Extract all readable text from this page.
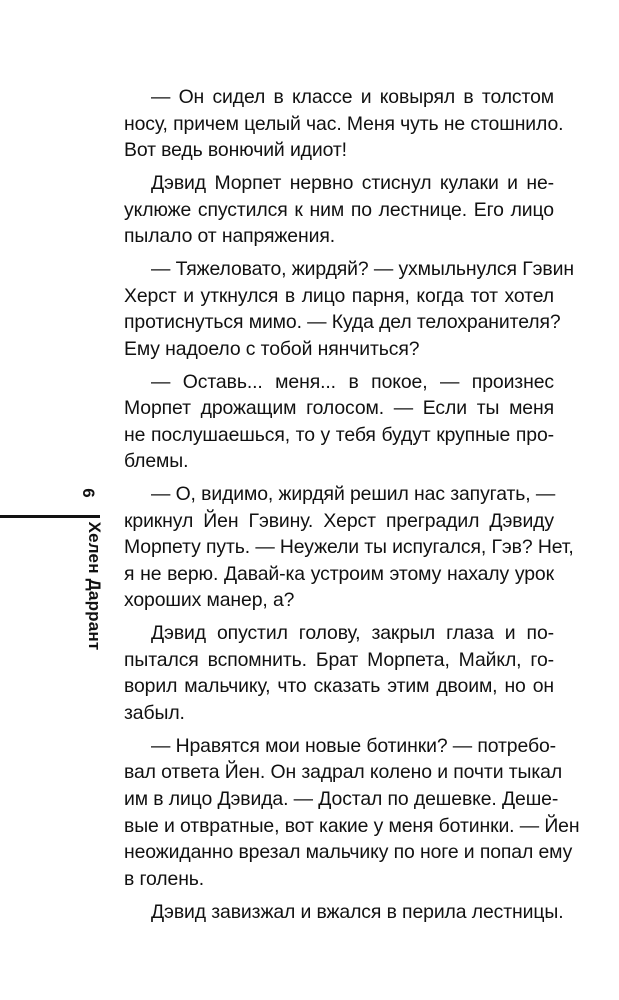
6
Хелен Даррант
— Он сидел в классе и ковырял в толстом
носу, причем целый час. Меня чуть не стошнило.
Вот ведь вонючий идиот!
Дэвид Морпет нервно стиснул кулаки и не-
уклюже спустился к ним по лестнице. Его лицо
пылало от напряжения.
— Тяжеловато, жирдяй? — ухмыльнулся Гэвин
Херст и уткнулся в лицо парня, когда тот хотел
протиснуться мимо. — Куда дел телохранителя?
Ему надоело с тобой нянчиться?
— Оставь... меня... в покое, — произнес
Морпет дрожащим голосом. — Если ты меня
не послушаешься, то у тебя будут крупные про-
блемы.
— О, видимо, жирдяй решил нас запугать, —
крикнул Йен Гэвину. Херст преградил Дэвиду
Морпету путь. — Неужели ты испугался, Гэв? Нет,
я не верю. Давай-ка устроим этому нахалу урок
хороших манер, а?
Дэвид опустил голову, закрыл глаза и по-
пытался вспомнить. Брат Морпета, Майкл, го-
ворил мальчику, что сказать этим двоим, но он
забыл.
— Нравятся мои новые ботинки? — потребо-
вал ответа Йен. Он задрал колено и почти тыкал
им в лицо Дэвида. — Достал по дешевке. Деше-
вые и отвратные, вот какие у меня ботинки. — Йен
неожиданно врезал мальчику по ноге и попал ему
в голень.
Дэвид завизжал и вжался в перила лестницы.
